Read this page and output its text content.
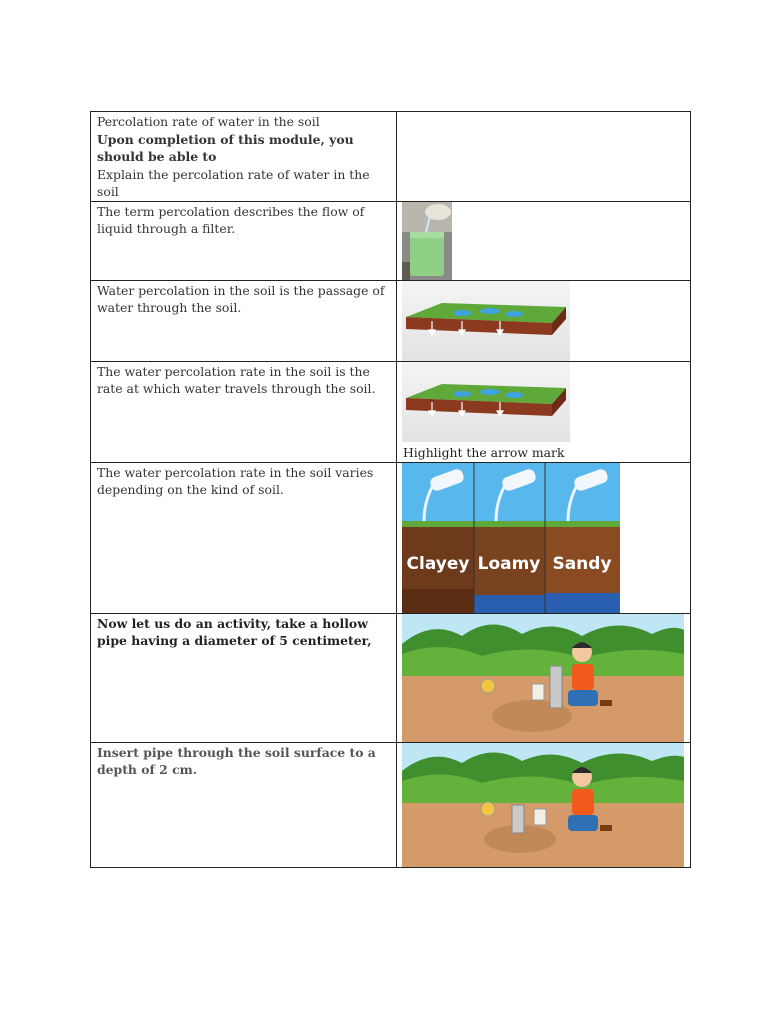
Percolation rate of water in the soil
Upon completion of this module, you should be able to
Explain the percolation rate of water in the soil	

The term percolation describes the flow of liquid through a filter.	

Water percolation in the soil is the passage of water through the soil.	

The water percolation rate in the soil is the rate at which water travels through the soil.	Highlight the arrow mark

The water percolation rate in the soil varies depending on the kind of soil.	Clayey Loamy Sandy

Now let us do an activity, take a hollow pipe having a diameter of 5 centimeter,	

Insert pipe through the soil surface to a depth of 2 cm.	
